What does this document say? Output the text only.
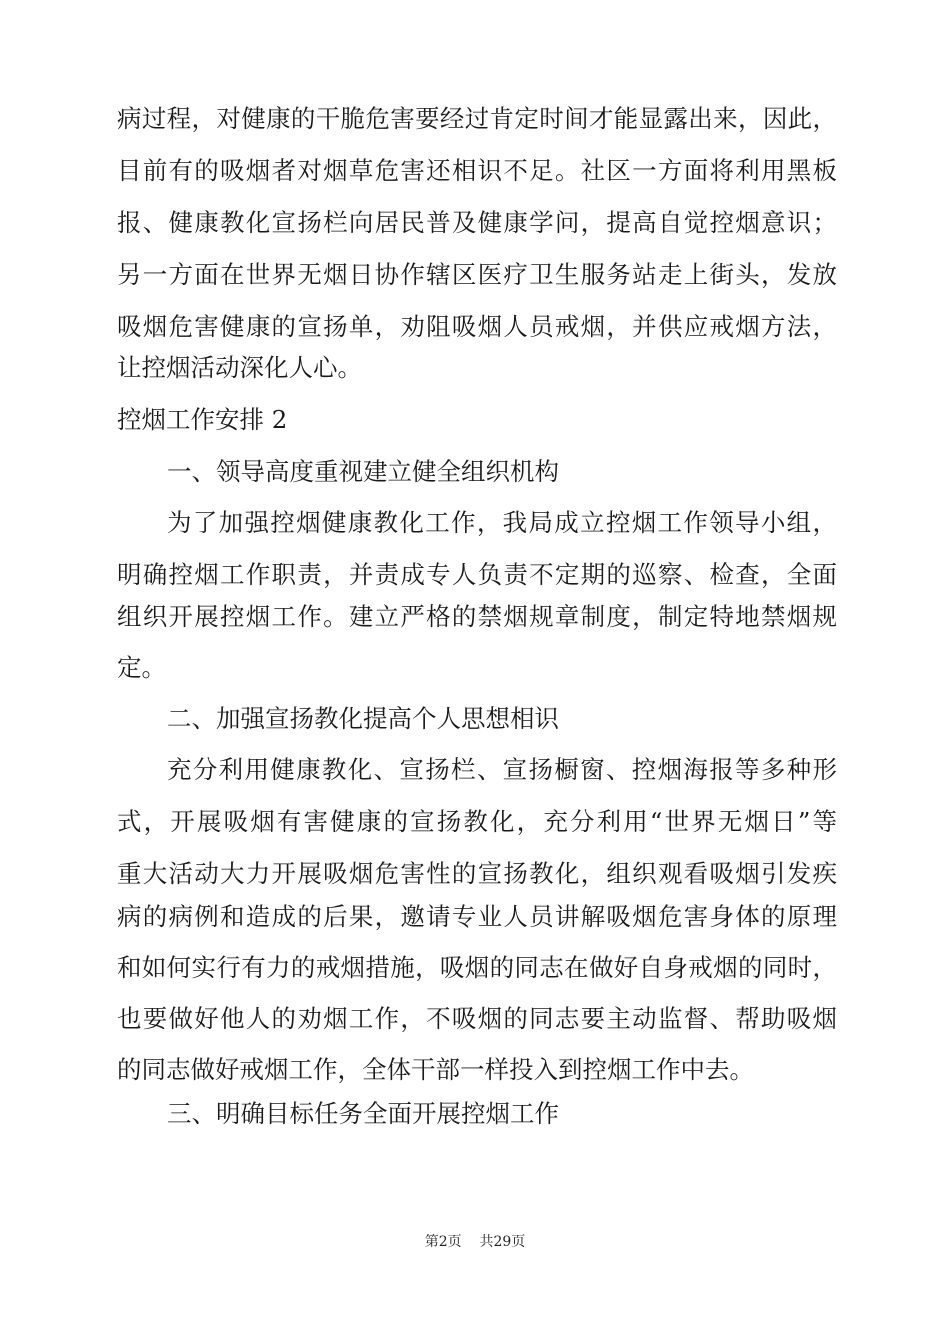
病过程，对健康的干脆危害要经过肯定时间才能显露出来，因此，
目前有的吸烟者对烟草危害还相识不足。社区一方面将利用黑板
报、健康教化宣扬栏向居民普及健康学问，提高自觉控烟意识；
另一方面在世界无烟日协作辖区医疗卫生服务站走上街头，发放
吸烟危害健康的宣扬单，劝阻吸烟人员戒烟，并供应戒烟方法，
让控烟活动深化人心。
控烟工作安排 2
一、领导高度重视建立健全组织机构
为了加强控烟健康教化工作，我局成立控烟工作领导小组，
明确控烟工作职责，并责成专人负责不定期的巡察、检查，全面
组织开展控烟工作。建立严格的禁烟规章制度，制定特地禁烟规
定。
二、加强宣扬教化提高个人思想相识
充分利用健康教化、宣扬栏、宣扬橱窗、控烟海报等多种形
式，开展吸烟有害健康的宣扬教化，充分利用“世界无烟日”等
重大活动大力开展吸烟危害性的宣扬教化，组织观看吸烟引发疾
病的病例和造成的后果，邀请专业人员讲解吸烟危害身体的原理
和如何实行有力的戒烟措施，吸烟的同志在做好自身戒烟的同时，
也要做好他人的劝烟工作，不吸烟的同志要主动监督、帮助吸烟
的同志做好戒烟工作，全体干部一样投入到控烟工作中去。
三、明确目标任务全面开展控烟工作
第2页 共29页
